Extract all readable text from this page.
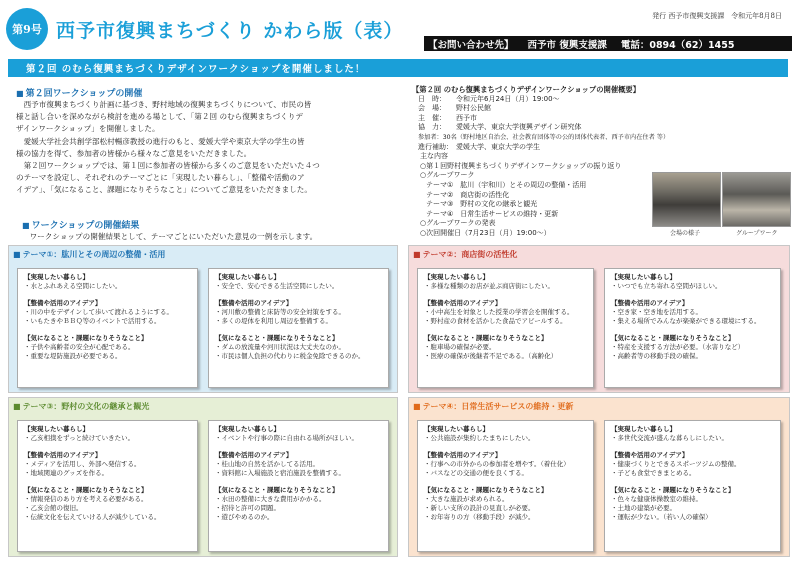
第9号 西予市復興まちづくり かわら版（表）
発行 西予市復興支援課 令和元年8月8日
【お問い合わせ先】 西予市 復興支援課 電話：0894（62）1455
第２回 のむら復興まちづくりデザインワークショップを開催しました！
■ 第２回ワークショップの開催
　西予市復興まちづくり計画に基づき、野村地域の復興まちづくりについて、市民の皆
様と話し合いを深めながら検討を進める場として、「第２回 のむら復興まちづくりデ
ザインワークショップ」を開催しました。
　愛媛大学社会共創学部松村暢彦教授の進行のもと、愛媛大学や東京大学の学生の皆
様の協力を得て、参加者の皆様から様々なご意見をいただきました。
　第２回ワークショップでは、第１回に参加者の皆様から多くのご意見をいただいた４つ
のテーマを設定し、それぞれのテーマごとに「実現したい暮らし」、「整備や活動のア
イデア」、「気になること、課題になりそうなこと」についてご意見をいただきました。
■ ワークショップの開催結果
　ワークショップの開催結果として、テーマごとにいただいた意見の一例を示します。
【第２回 のむら復興まちづくりデザインワークショップの開催概要】
日　時：	令和元年6月24日（月）19:00～
会　場：	野村公民館
主　催：	西予市
協　力：	愛媛大学、東京大学復興デザイン研究体
参加者： 30名（野村地区自治会、社会教育団体等の公的団体代表者、西予市内在住者 等）
進行補助： 愛媛大学、東京大学の学生
主な内容
○第１回野村復興まちづくりデザインワークショップの振り返り
○グループワーク
テーマ①　肱川（宇和川）とその周辺の整備・活用
テーマ②　商店街の活性化
テーマ③　野村の文化の継承と観光
テーマ④　日常生活サービスの維持・更新
○グループワークの発表
○次回開催日（7月23日（月）19:00～）	会場の様子	グループワーク
■ テーマ①：肱川とその周辺の整備・活用
【実現したい暮らし】
・水とふれあえる空間にしたい。
【整備や活用のアイデア】
・川の中をデザインして歩いて渡れるようにする。
・いもたきやＢＢＱ等のイベントで活用する。
【気になること・課題になりそうなこと】
・子供や高齢者の安全が心配である。
・重要な堤防施設が必要である。
【実現したい暮らし】
・安全で、安心できる生活空間にしたい。
【整備や活用のアイデア】
・河川敷の整備と床防等の安全対策をする。
・多くの堤体を利用し周辺を整備する。
【気になること・課題になりそうなこと】
・ダムの放流量や河川状況は大丈夫なのか。
・市民は個人負担の代わりに税金免除できるのか。
■ テーマ②：商店街の活性化
【実現したい暮らし】
・多様な種類のお店が並ぶ商店街にしたい。
【整備や活用のアイデア】
・小中高生を対象とした授業の学習会を開催する。
・野村産の食材を活かした食品でアピールする。
【気になること・課題になりそうなこと】
・駐車場の確保が必要。
・医療の確保が後継者不足である。（高齢化）
【実現したい暮らし】
・いつでも立ち寄れる空間がほしい。
【整備や活用のアイデア】
・空き家・空き地を活用する。
・集える場所でみんなが楽楽ができる環境にする。
【気になること・課題になりそうなこと】
・特産を支援する方法が必要。（水害りなど）
・高齢者等の移動手段の確保。
■ テーマ③：野村の文化の継承と観光
【実現したい暮らし】
・乙亥相撲をずっと続けていきたい。
【整備や活用のアイデア】
・メディアを活用し、外部へ発信する。
・地域関連のグッズを作る。
【気になること・課題になりそうなこと】
・情報発信のあり方を考える必要がある。
・乙亥会館の復旧。
・伝統文化を伝えていける人が減少している。
【実現したい暮らし】
・イベントや行事の際に自由れる場所がほしい。
【整備や活用のアイデア】
・桂山地の自然を活かしてる活用。
・資料館に入場施設と宿泊施設を整備する。
【気になること・課題になりそうなこと】
・水田の整備に大きな費用がかかる。
・招待と許可の問題。
・遊びやめるのか。
■ テーマ④：日常生活サービスの維持・更新
【実現したい暮らし】
・公共施設が集約したまちにしたい。
【整備や活用のアイデア】
・行事への市外からの参加者を増やす。（着仕化）
・バスなどの交通の便を良くする。
【気になること・課題になりそうなこと】
・大きな施設が求められる。
・新しい支所の設計の見直しが必要。
・お年寄りの方（移動手段）が減少。
【実現したい暮らし】
・多世代交流が盛んな暮らしにしたい。
【整備や活用のアイデア】
・健康づくりとできるスポーツジムの整備。
・子ども食堂できまとめる。
【気になること・課題になりそうなこと】
・色々な健康体操教室の維持。
・土地の建築が必要。
・運転が少ない。（若い人の確保）
